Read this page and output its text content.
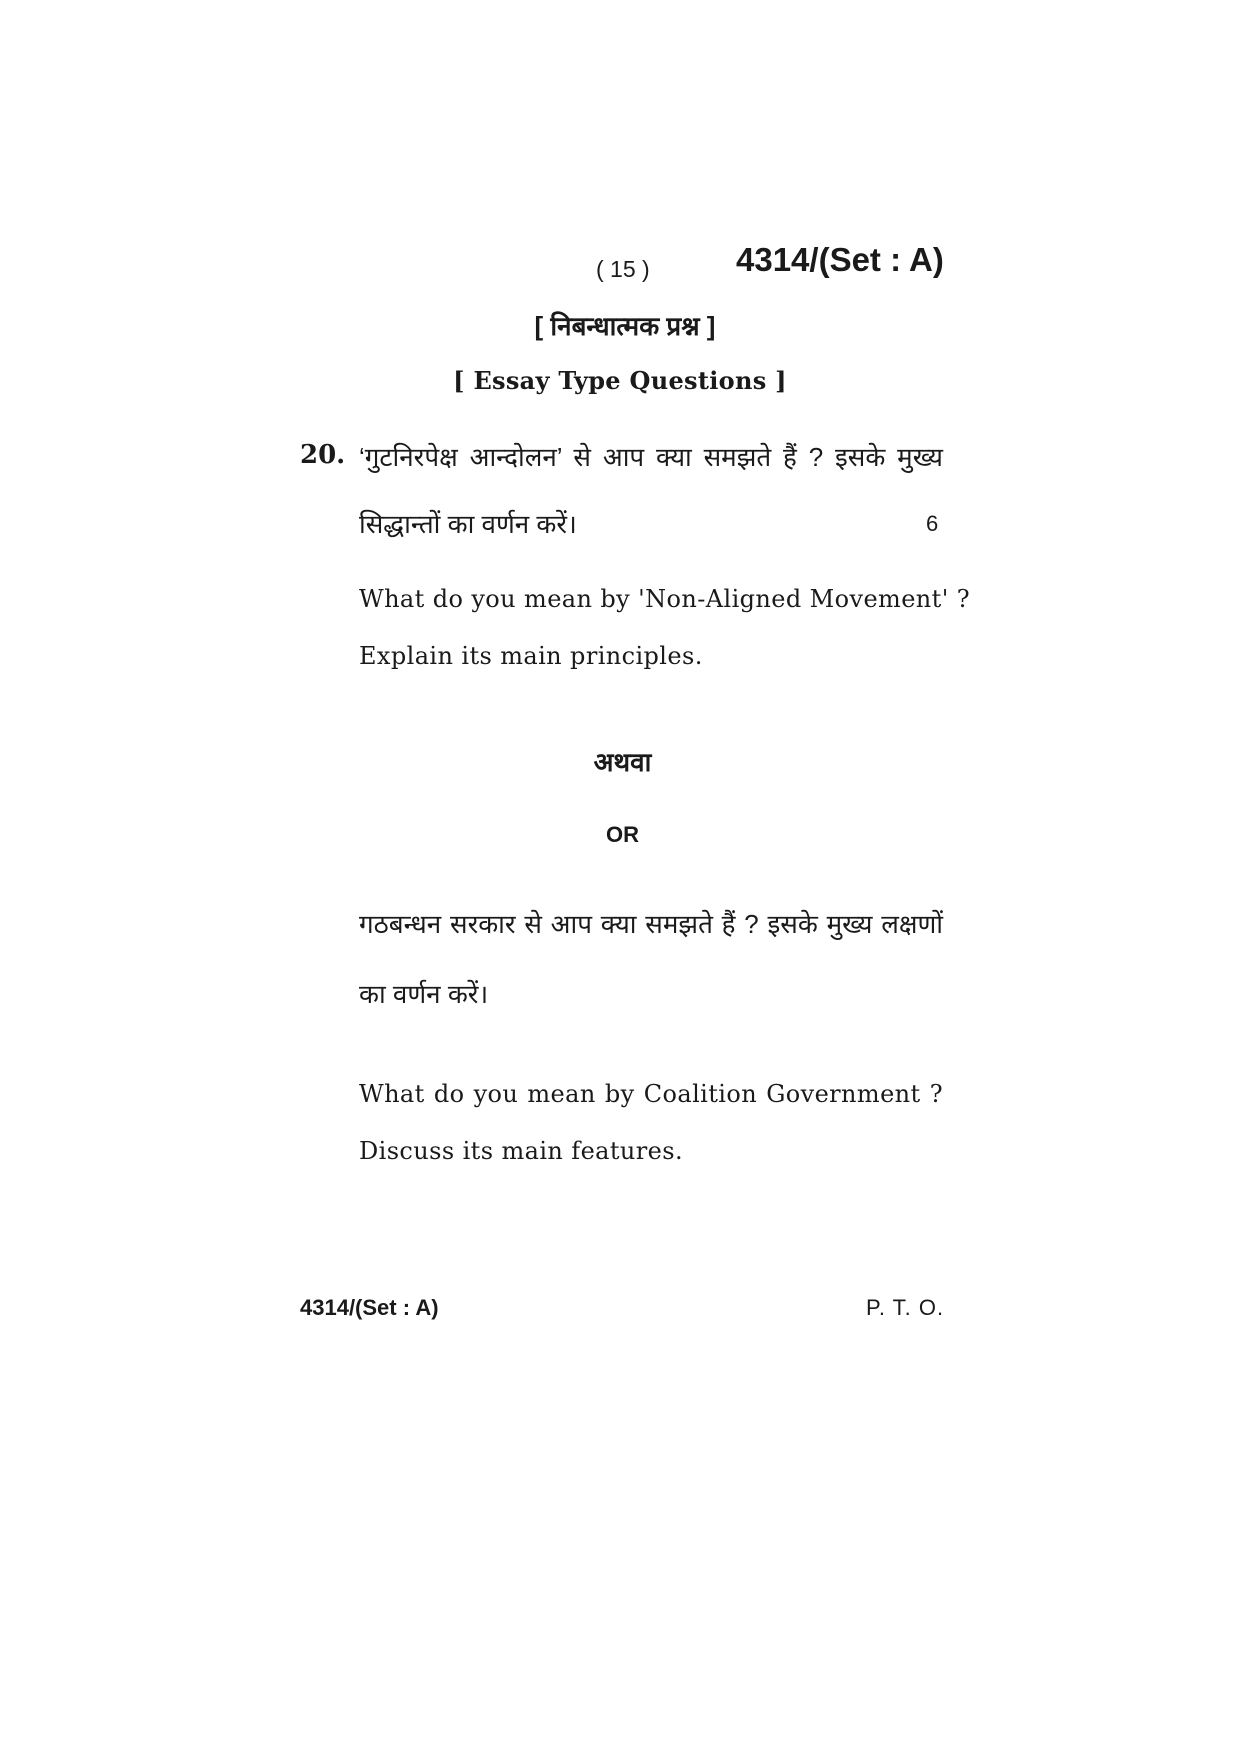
( 15 )	4314/(Set : A)
[ निबन्धात्मक प्रश्न ]
[ Essay Type Questions ]
20. ‘गुटनिरपेक्ष आन्दोलन’ से आप क्या समझते हैं ? इसके मुख्य
सिद्धान्तों का वर्णन करें।	6
What do you mean by 'Non-Aligned Movement' ?
Explain its main principles.
अथवा
OR
गठबन्धन सरकार से आप क्या समझते हैं ? इसके मुख्य लक्षणों
का वर्णन करें।
What do you mean by Coalition Government ?
Discuss its main features.
4314/(Set : A)	P. T. O.
